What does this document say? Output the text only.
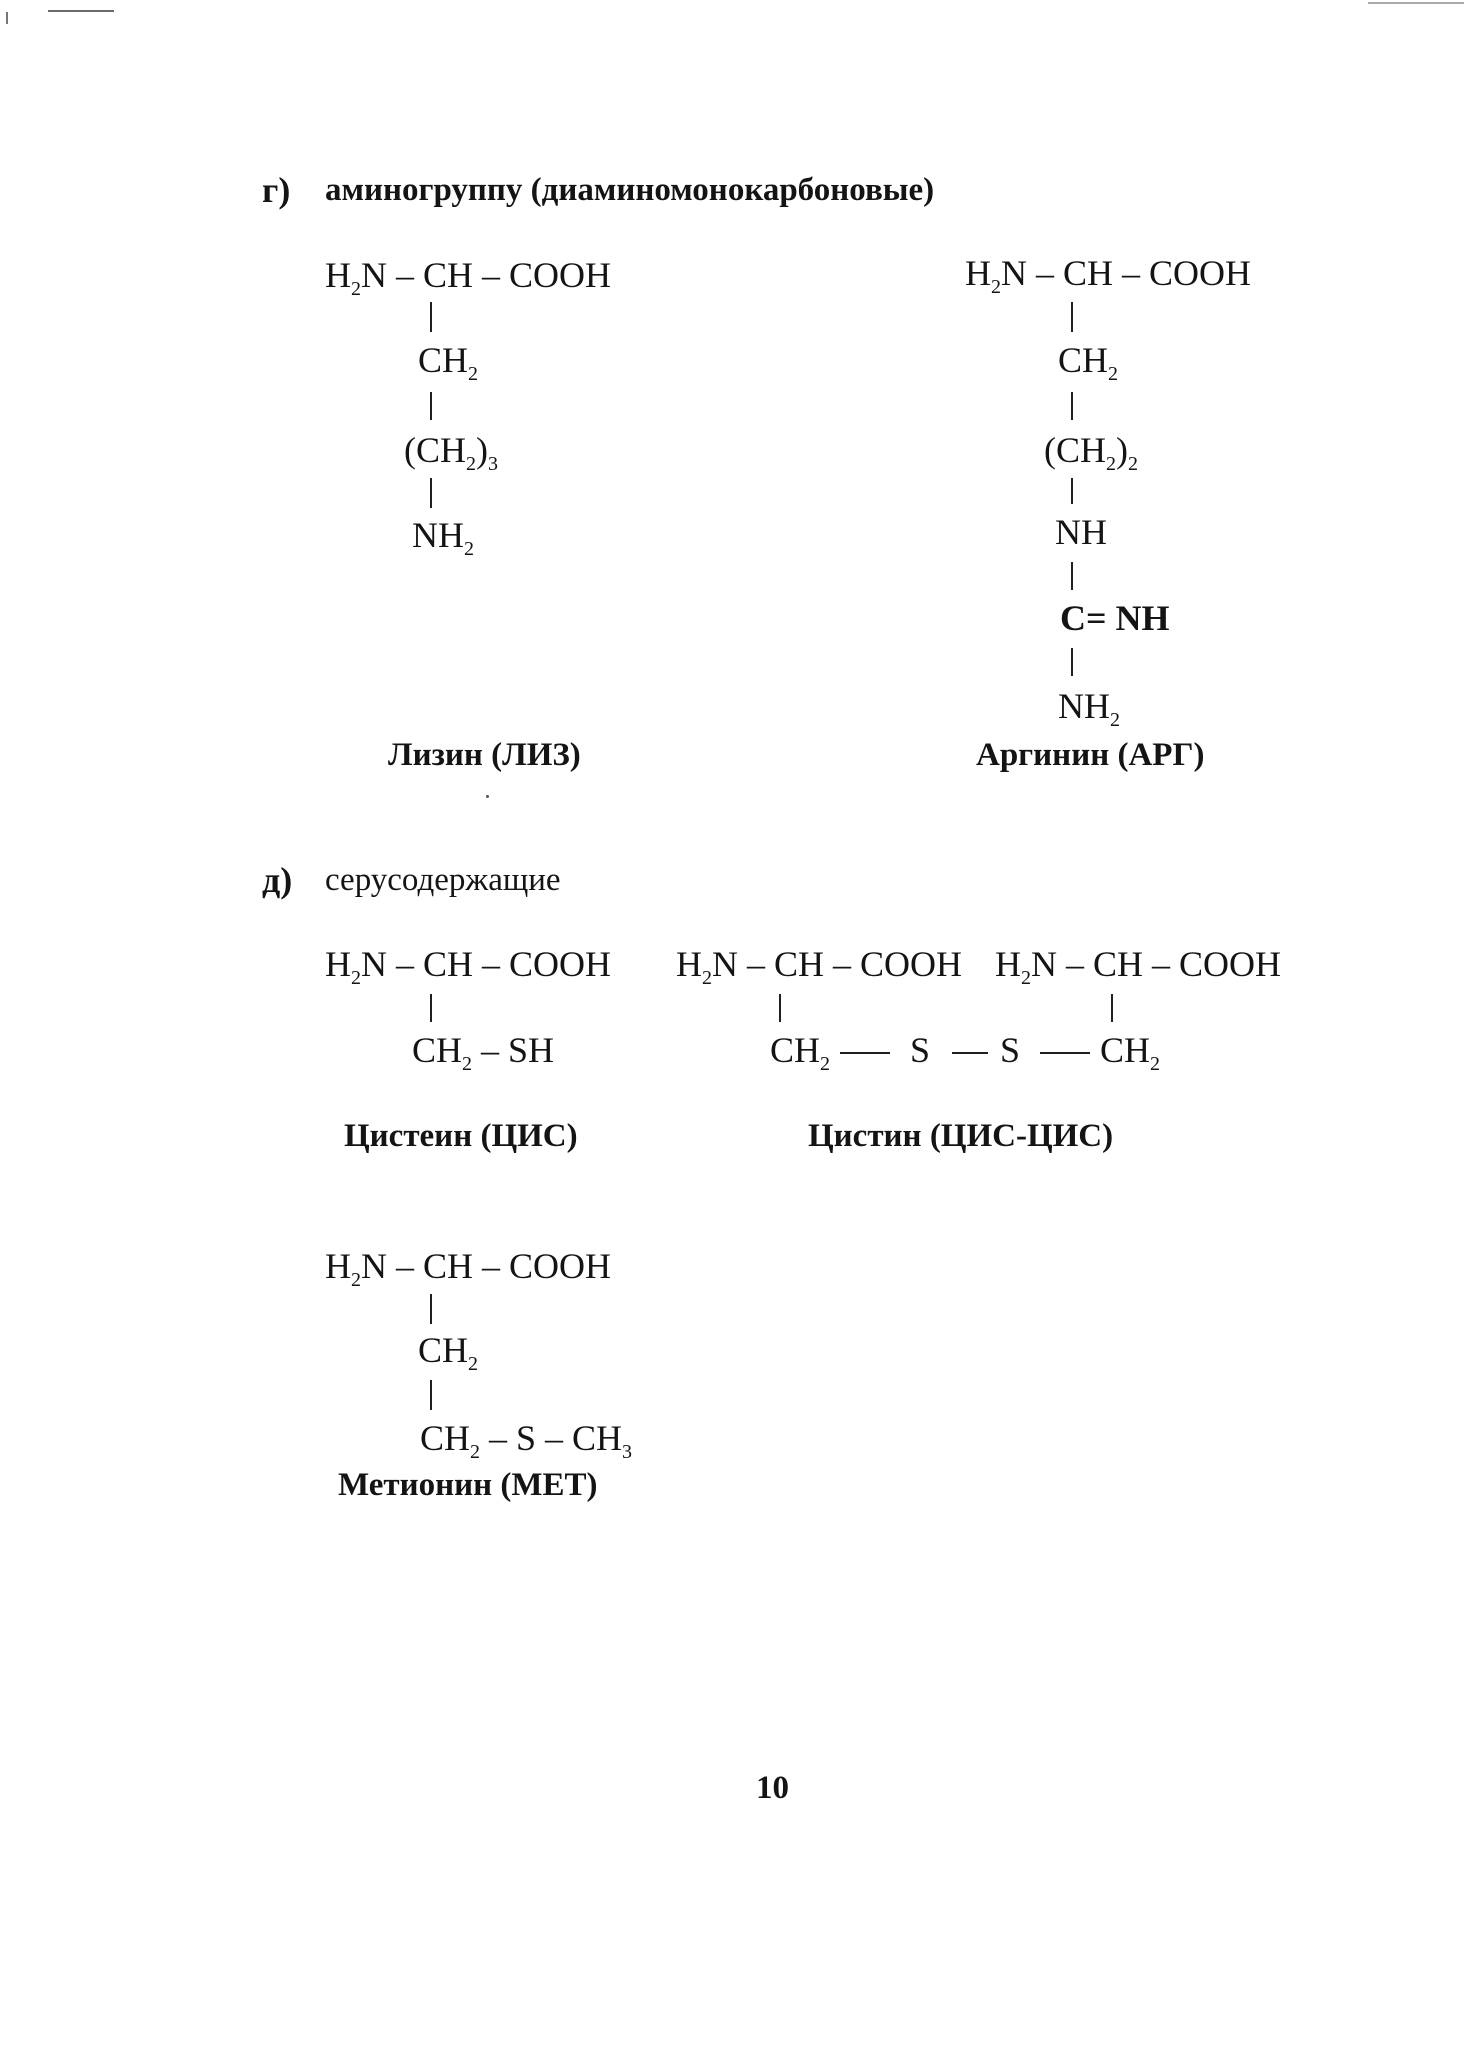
г) аминогруппу (диаминомонокарбоновые)
$H_2N$ – CH – COOH
$CH_2$
$(CH_2)_3$
$NH_2$
Лизин (ЛИЗ)
$H_2N$ – CH – COOH
$CH_2$
$(CH_2)_2$
NH
C= NH
$NH_2$
Аргинин (АРГ)
д) серусодержащие
$H_2N$ – CH – COOH
$CH_2$ – SH
Цистеин (ЦИС)
$H_2N$ – CH – COOH $H_2N$ – CH – COOH
$CH_2$ S S $CH_2$
Цистин (ЦИС-ЦИС)
$H_2N$ – CH – COOH
$CH_2$
$CH_2$ – S – $CH_3$
Метионин (МЕТ)
10
